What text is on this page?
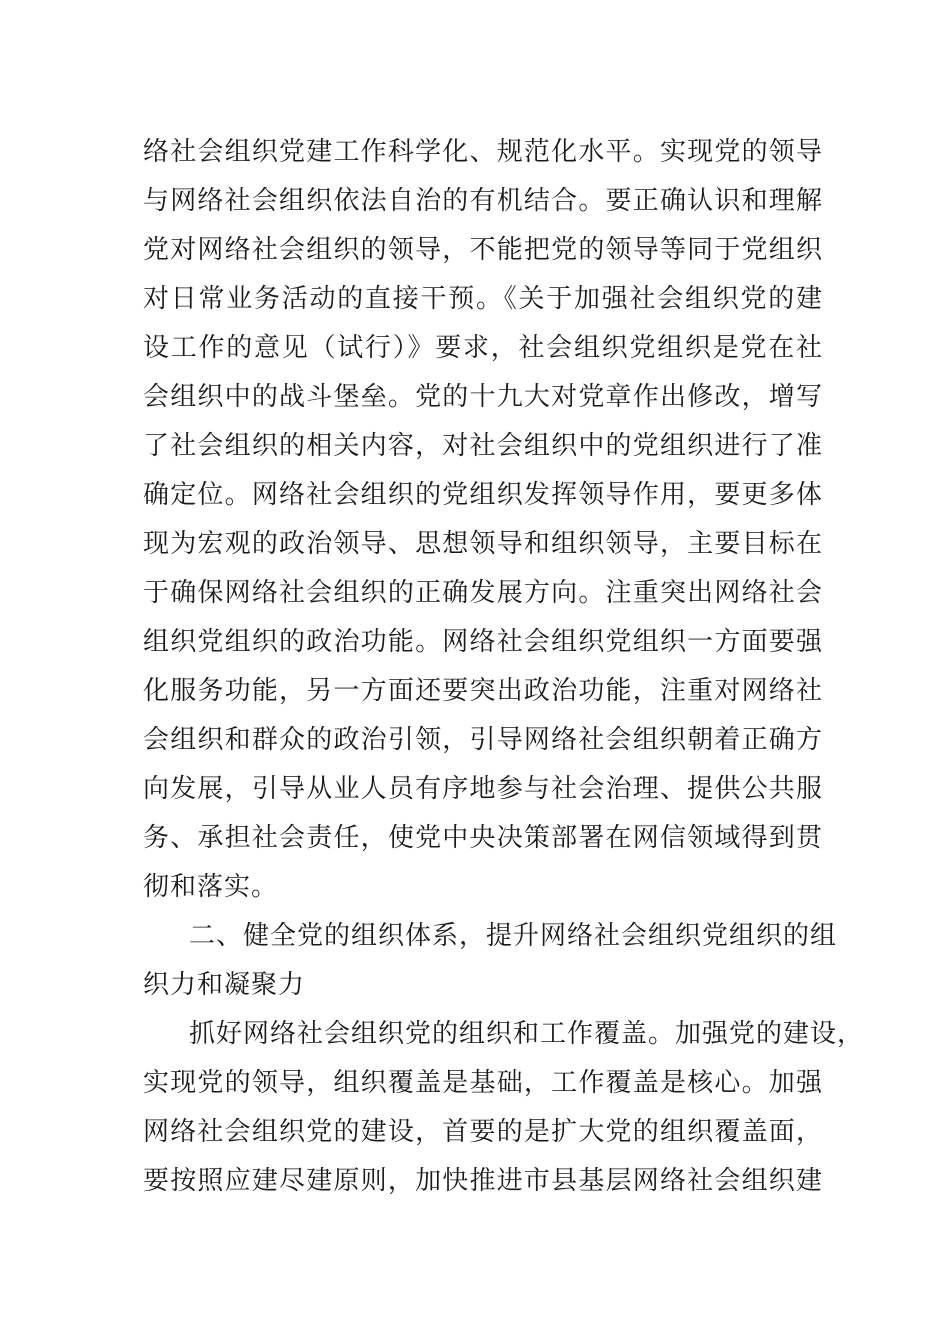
络社会组织党建工作科学化、规范化水平。实现党的领导
与网络社会组织依法自治的有机结合。要正确认识和理解
党对网络社会组织的领导，不能把党的领导等同于党组织
对日常业务活动的直接干预。《关于加强社会组织党的建
设工作的意见（试行）》要求，社会组织党组织是党在社
会组织中的战斗堡垒。党的十九大对党章作出修改，增写
了社会组织的相关内容，对社会组织中的党组织进行了准
确定位。网络社会组织的党组织发挥领导作用，要更多体
现为宏观的政治领导、思想领导和组织领导，主要目标在
于确保网络社会组织的正确发展方向。注重突出网络社会
组织党组织的政治功能。网络社会组织党组织一方面要强
化服务功能，另一方面还要突出政治功能，注重对网络社
会组织和群众的政治引领，引导网络社会组织朝着正确方
向发展，引导从业人员有序地参与社会治理、提供公共服
务、承担社会责任，使党中央决策部署在网信领域得到贯
彻和落实。
二、健全党的组织体系，提升网络社会组织党组织的组
织力和凝聚力
抓好网络社会组织党的组织和工作覆盖。加强党的建设，
实现党的领导，组织覆盖是基础，工作覆盖是核心。加强
网络社会组织党的建设，首要的是扩大党的组织覆盖面，
要按照应建尽建原则，加快推进市县基层网络社会组织建
